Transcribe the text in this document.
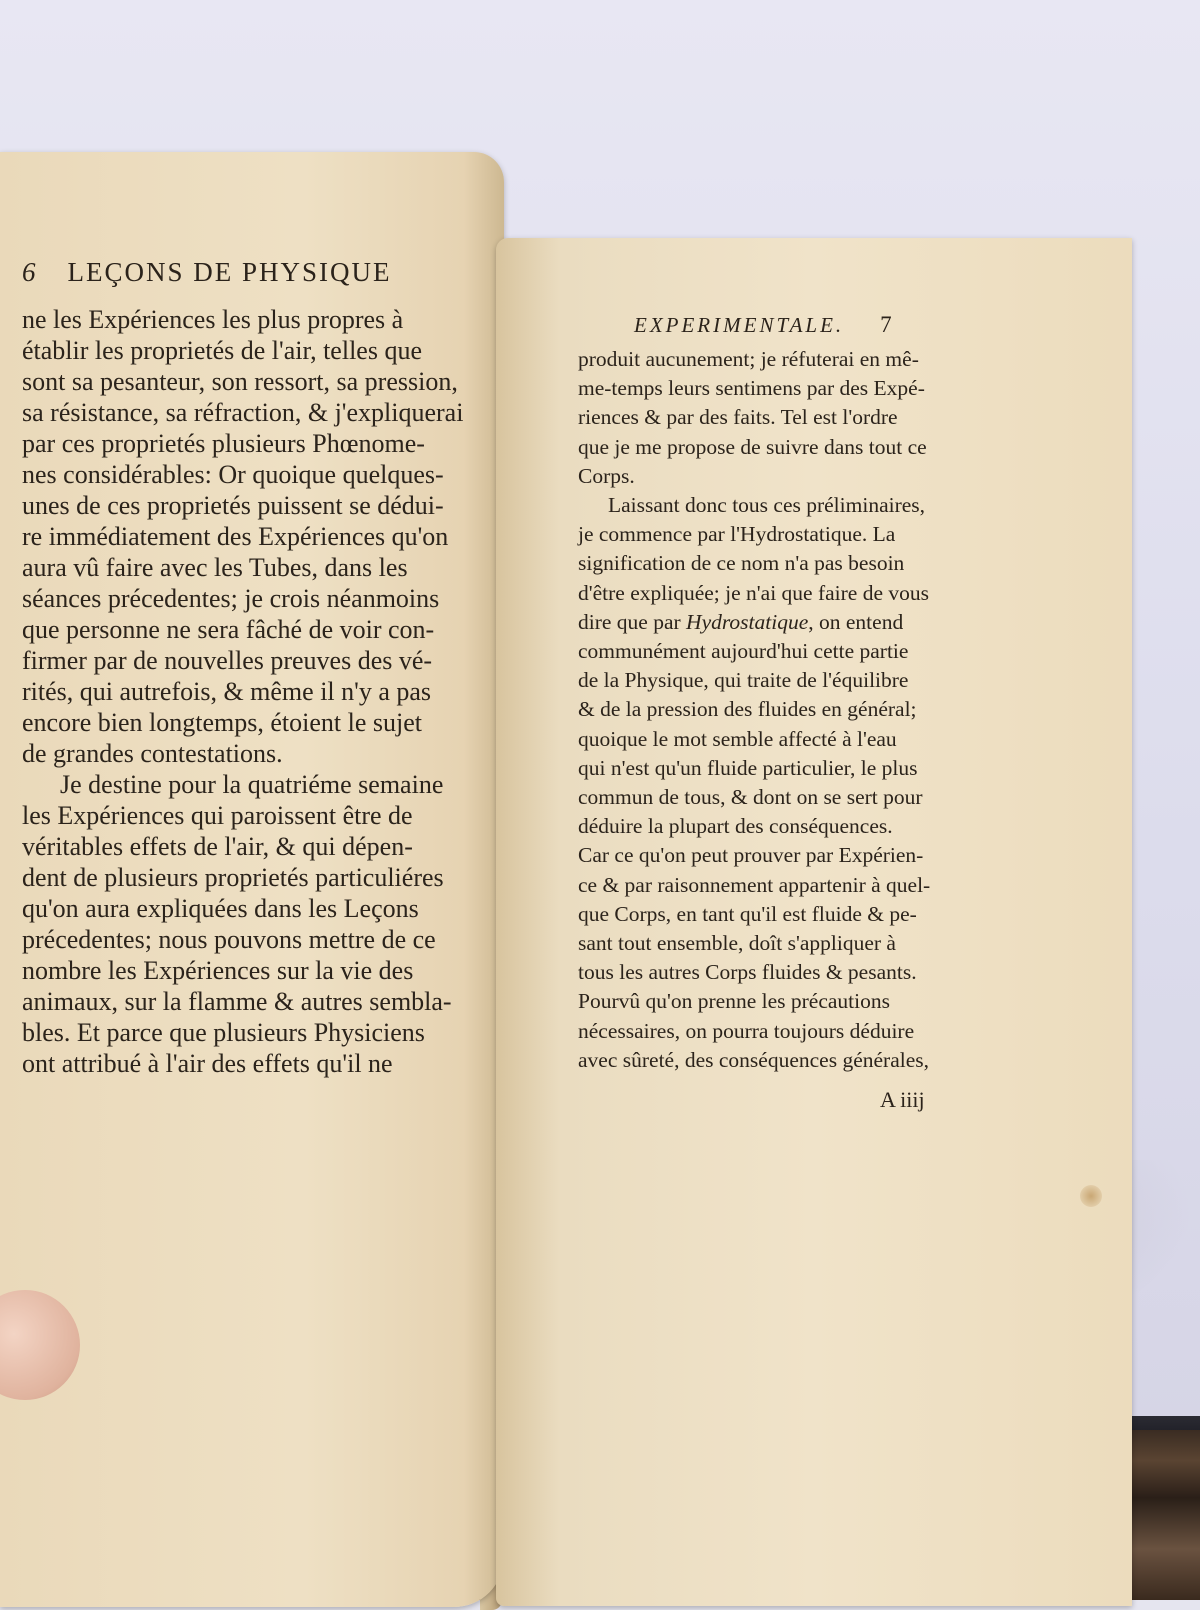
6 LEÇONS DE PHYSIQUE
ne les Expériences les plus propres à
établir les proprietés de l'air, telles que
sont sa pesanteur, son ressort, sa pression,
sa résistance, sa réfraction, & j'expliquerai
par ces proprietés plusieurs Phœnome-
nes considérables: Or quoique quelques-
unes de ces proprietés puissent se dédui-
re immédiatement des Expériences qu'on
aura vû faire avec les Tubes, dans les
séances précedentes; je crois néanmoins
que personne ne sera fâché de voir con-
firmer par de nouvelles preuves des vé-
rités, qui autrefois, & même il n'y a pas
encore bien longtemps, étoient le sujet
de grandes contestations.
Je destine pour la quatriéme semaine
les Expériences qui paroissent être de
véritables effets de l'air, & qui dépen-
dent de plusieurs proprietés particuliéres
qu'on aura expliquées dans les Leçons
précedentes; nous pouvons mettre de ce
nombre les Expériences sur la vie des
animaux, sur la flamme & autres sembla-
bles. Et parce que plusieurs Physiciens
ont attribué à l'air des effets qu'il ne
EXPERIMENTALE. 7
produit aucunement; je réfuterai en mê-
me-temps leurs sentimens par des Expé-
riences & par des faits. Tel est l'ordre
que je me propose de suivre dans tout ce
Corps.
Laissant donc tous ces préliminaires,
je commence par l'Hydrostatique. La
signification de ce nom n'a pas besoin
d'être expliquée; je n'ai que faire de vous
dire que par Hydrostatique, on entend
communément aujourd'hui cette partie
de la Physique, qui traite de l'équilibre
& de la pression des fluides en général;
quoique le mot semble affecté à l'eau
qui n'est qu'un fluide particulier, le plus
commun de tous, & dont on se sert pour
déduire la plupart des conséquences.
Car ce qu'on peut prouver par Expérien-
ce & par raisonnement appartenir à quel-
que Corps, en tant qu'il est fluide & pe-
sant tout ensemble, doît s'appliquer à
tous les autres Corps fluides & pesants.
Pourvû qu'on prenne les précautions
nécessaires, on pourra toujours déduire
avec sûreté, des conséquences générales,
A iiij
